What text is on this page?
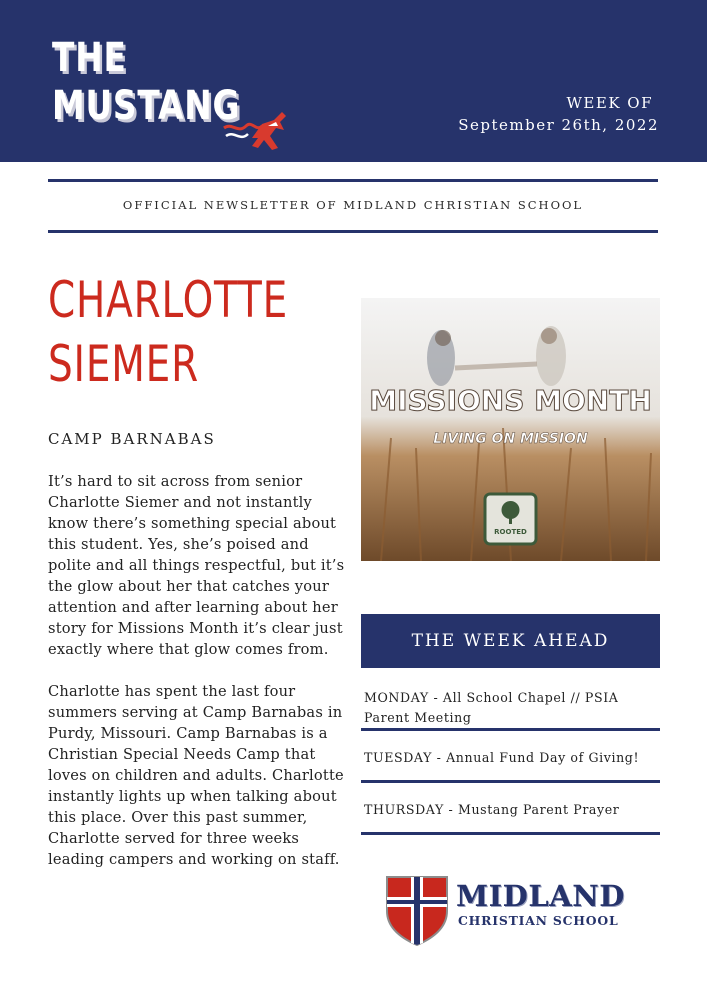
THE
MUSTANG	WEEK OF
September 26th, 2022
OFFICIAL NEWSLETTER OF MIDLAND CHRISTIAN SCHOOL
CHARLOTTE
SIEMER
CAMP BARNABAS

It’s hard to sit across from senior Charlotte Siemer and not instantly know there’s something special about this student. Yes, she’s poised and polite and all things respectful, but it’s the glow about her that catches your attention and after learning about her story for Missions Month it’s clear just exactly where that glow comes from.

Charlotte has spent the last four summers serving at Camp Barnabas in Purdy, Missouri. Camp Barnabas is a Christian Special Needs Camp that loves on children and adults. Charlotte instantly lights up when talking about this place. Over this past summer, Charlotte served for three weeks leading campers and working on staff.

MISSIONS MONTH
LIVING ON MISSION
ROOTED
THE WEEK AHEAD
MONDAY - All School Chapel // PSIA Parent Meeting
TUESDAY - Annual Fund Day of Giving!
THURSDAY - Mustang Parent Prayer
MIDLAND
CHRISTIAN SCHOOL
